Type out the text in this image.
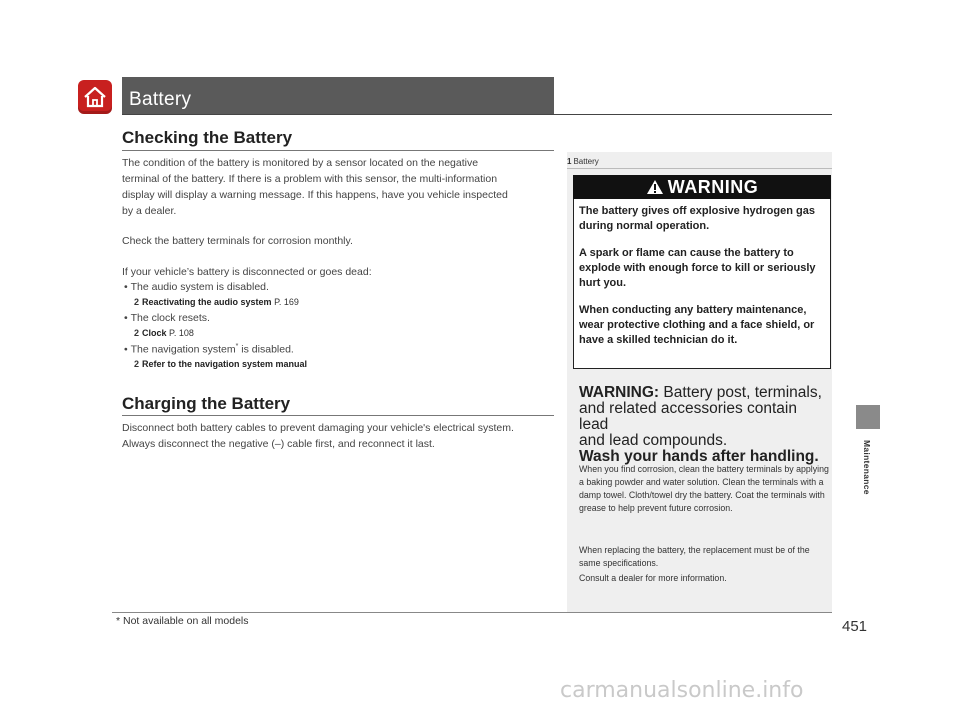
Battery
Maintenance
Checking the Battery
The condition of the battery is monitored by a sensor located on the negative
terminal of the battery. If there is a problem with this sensor, the multi-information
display will display a warning message. If this happens, have you vehicle inspected
by a dealer.
Check the battery terminals for corrosion monthly.
If your vehicle’s battery is disconnected or goes dead:
• The audio system is disabled.
2 Reactivating the audio system P. 169
• The clock resets.
2 Clock P. 108
• The navigation system* is disabled.
2 Refer to the navigation system manual
Charging the Battery
Disconnect both battery cables to prevent damaging your vehicle's electrical system.
Always disconnect the negative (–) cable first, and reconnect it last.
1 Battery
WARNING
The battery gives off explosive hydrogen gas during normal operation.
A spark or flame can cause the battery to explode with enough force to kill or seriously hurt you.
When conducting any battery maintenance, wear protective clothing and a face shield, or have a skilled technician do it.
WARNING: Battery post, terminals,
and related accessories contain lead
and lead compounds.
Wash your hands after handling.
When you find corrosion, clean the battery terminals by applying a baking powder and water solution. Clean the terminals with a damp towel. Cloth/towel dry the battery. Coat the terminals with grease to help prevent future corrosion.
When replacing the battery, the replacement must be of the same specifications.
Consult a dealer for more information.
* Not available on all models	451
carmanualsonline.info
